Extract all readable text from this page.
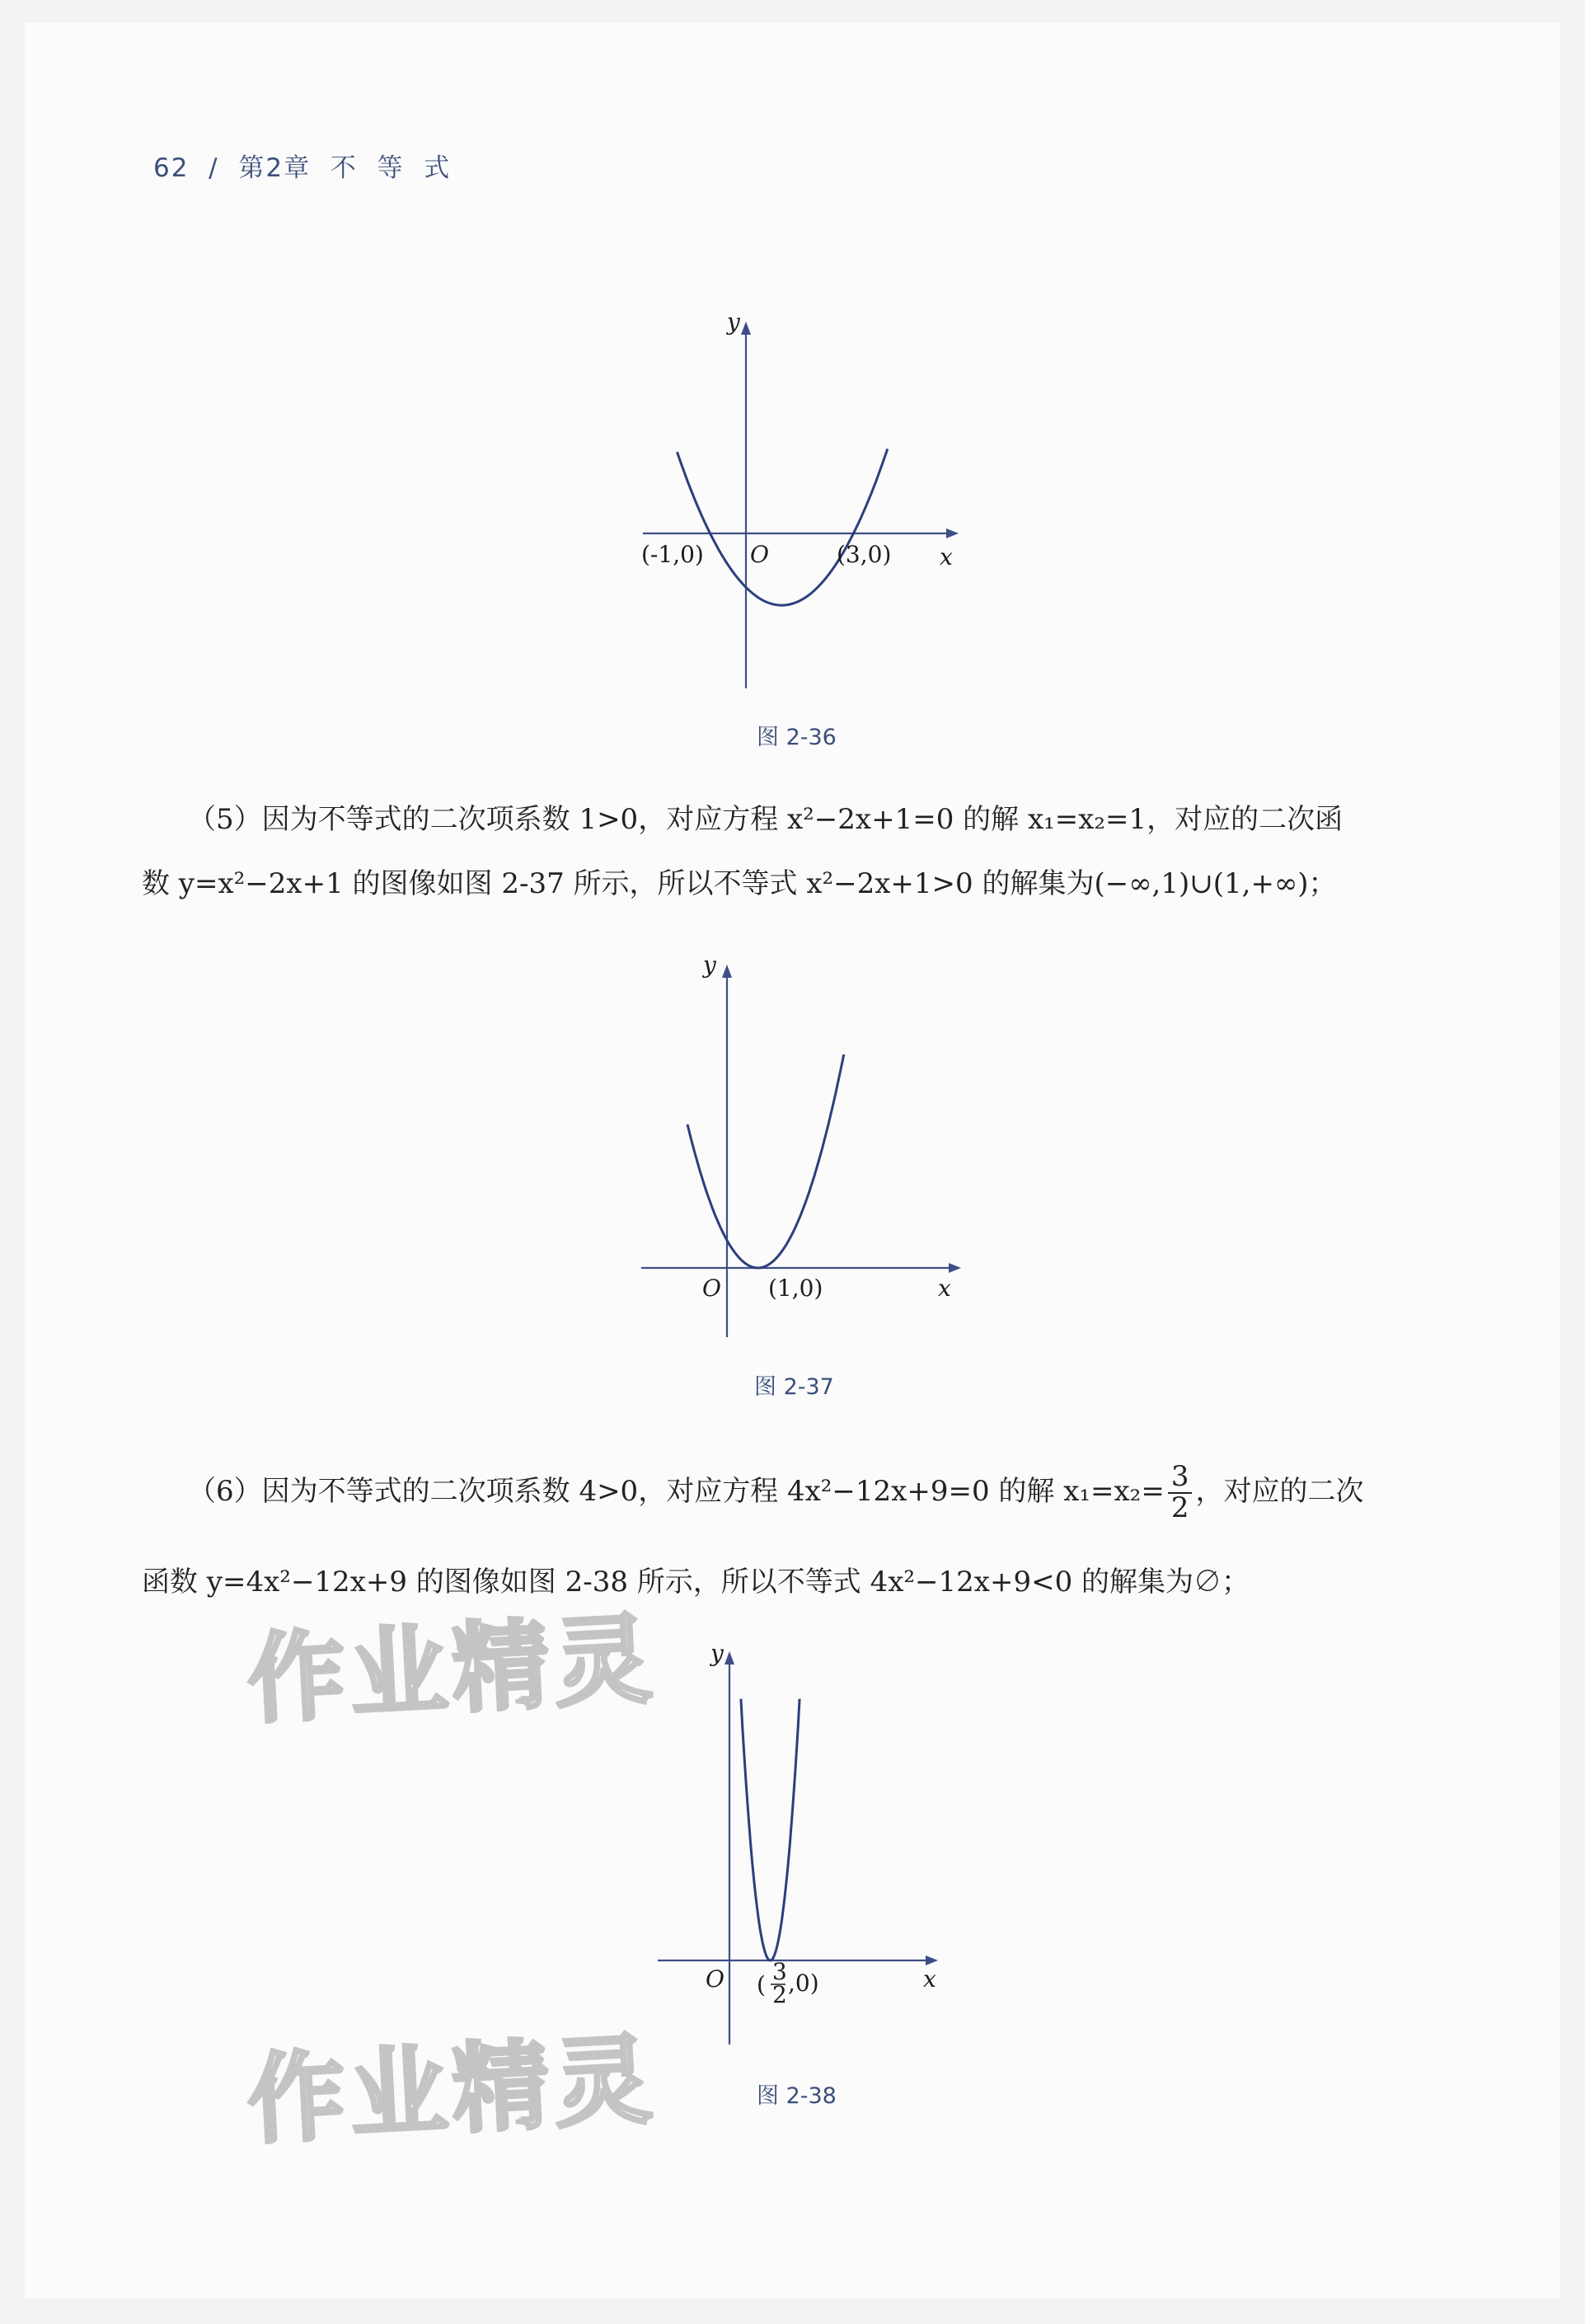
62 / 第2章  不  等  式
y
x
O
(-1,0)	(3,0)
图 2-36
（5）因为不等式的二次项系数 1>0，对应方程 x²−2x+1=0 的解 x₁=x₂=1，对应的二次函
数 y=x²−2x+1 的图像如图 2-37 所示，所以不等式 x²−2x+1>0 的解集为(−∞,1)∪(1,+∞)；
y
x
O (1,0)
图 2-37
（6）因为不等式的二次项系数 4>0，对应方程 4x²−12x+9=0 的解 $x_1=x_2= \frac{3}{2}$ ，对应的二次
函数 y=4x²−12x+9 的图像如图 2-38 所示，所以不等式 4x²−12x+9<0 的解集为∅；
y
x
O ( 3
2 ,0)
图 2-38
作业精灵
作业精灵
